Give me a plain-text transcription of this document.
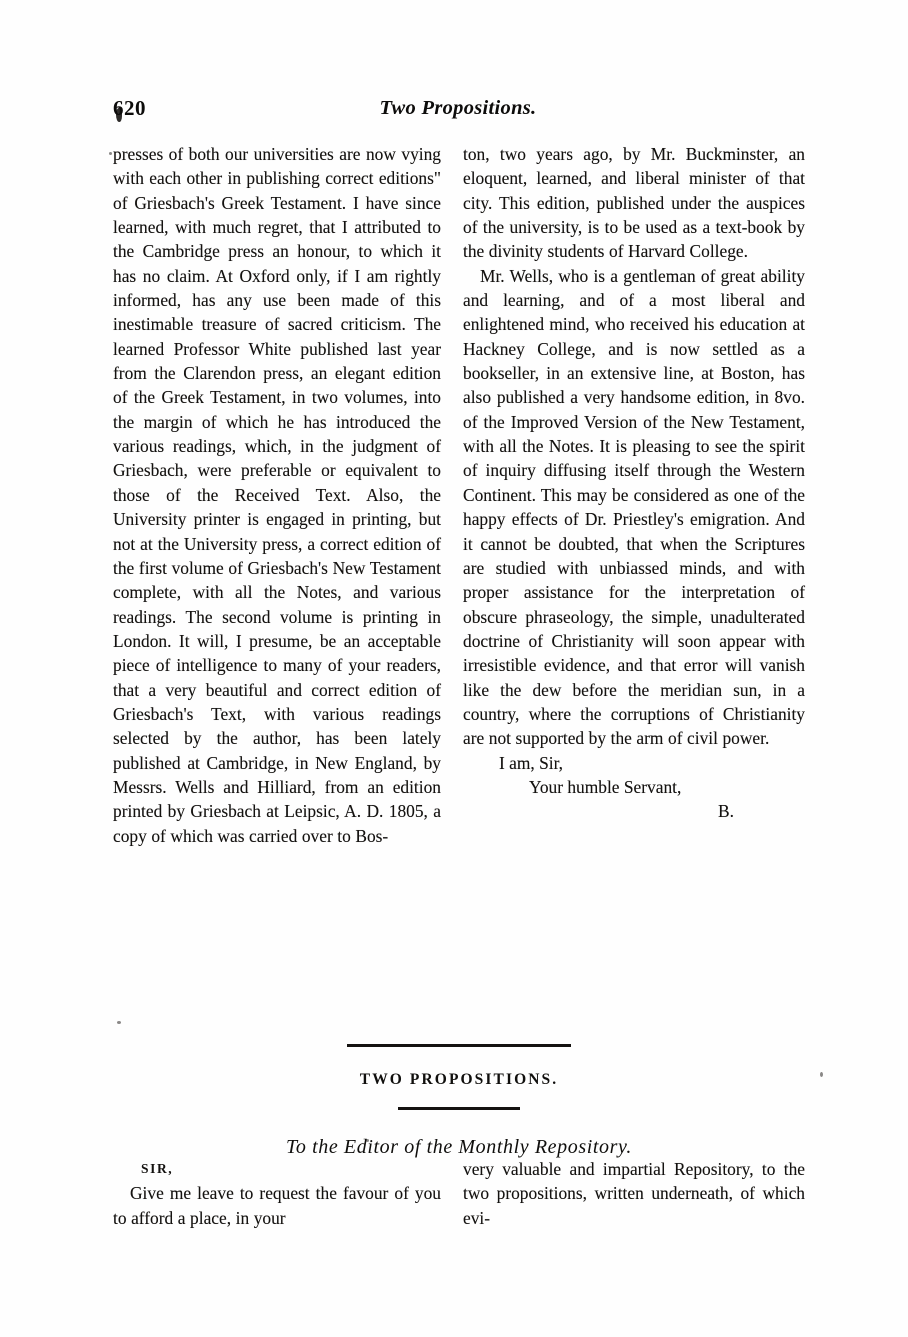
620	Two Propositions.

presses of both our universities are now vying with each other in publishing correct editions" of Griesbach's Greek Testament. I have since learned, with much regret, that I attributed to the Cambridge press an honour, to which it has no claim. At Oxford only, if I am rightly informed, has any use been made of this inestimable treasure of sacred criticism. The learned Professor White published last year from the Clarendon press, an elegant edition of the Greek Testament, in two volumes, into the margin of which he has introduced the various readings, which, in the judgment of Griesbach, were preferable or equivalent to those of the Received Text. Also, the University printer is engaged in printing, but not at the University press, a correct edition of the first volume of Griesbach's New Testament complete, with all the Notes, and various readings. The second volume is printing in London. It will, I presume, be an acceptable piece of intelligence to many of your readers, that a very beautiful and correct edition of Griesbach's Text, with various readings selected by the author, has been lately published at Cambridge, in New England, by Messrs. Wells and Hilliard, from an edition printed by Griesbach at Leipsic, A. D. 1805, a copy of which was carried over to Bos-

ton, two years ago, by Mr. Buckminster, an eloquent, learned, and liberal minister of that city. This edition, published under the auspices of the university, is to be used as a text-book by the divinity students of Harvard College.

Mr. Wells, who is a gentleman of great ability and learning, and of a most liberal and enlightened mind, who received his education at Hackney College, and is now settled as a bookseller, in an extensive line, at Boston, has also published a very handsome edition, in 8vo. of the Improved Version of the New Testament, with all the Notes. It is pleasing to see the spirit of inquiry diffusing itself through the Western Continent. This may be considered as one of the happy effects of Dr. Priestley's emigration. And it cannot be doubted, that when the Scriptures are studied with unbiassed minds, and with proper assistance for the interpretation of obscure phraseology, the simple, unadulterated doctrine of Christianity will soon appear with irresistible evidence, and that error will vanish like the dew before the meridian sun, in a country, where the corruptions of Christianity are not supported by the arm of civil power.

I am, Sir,

Your humble Servant,

B.

TWO PROPOSITIONS.
To the Editor of the Monthly Repository.

SIR,

Give me leave to request the favour of you to afford a place, in your

very valuable and impartial Repository, to the two propositions, written underneath, of which evi-
